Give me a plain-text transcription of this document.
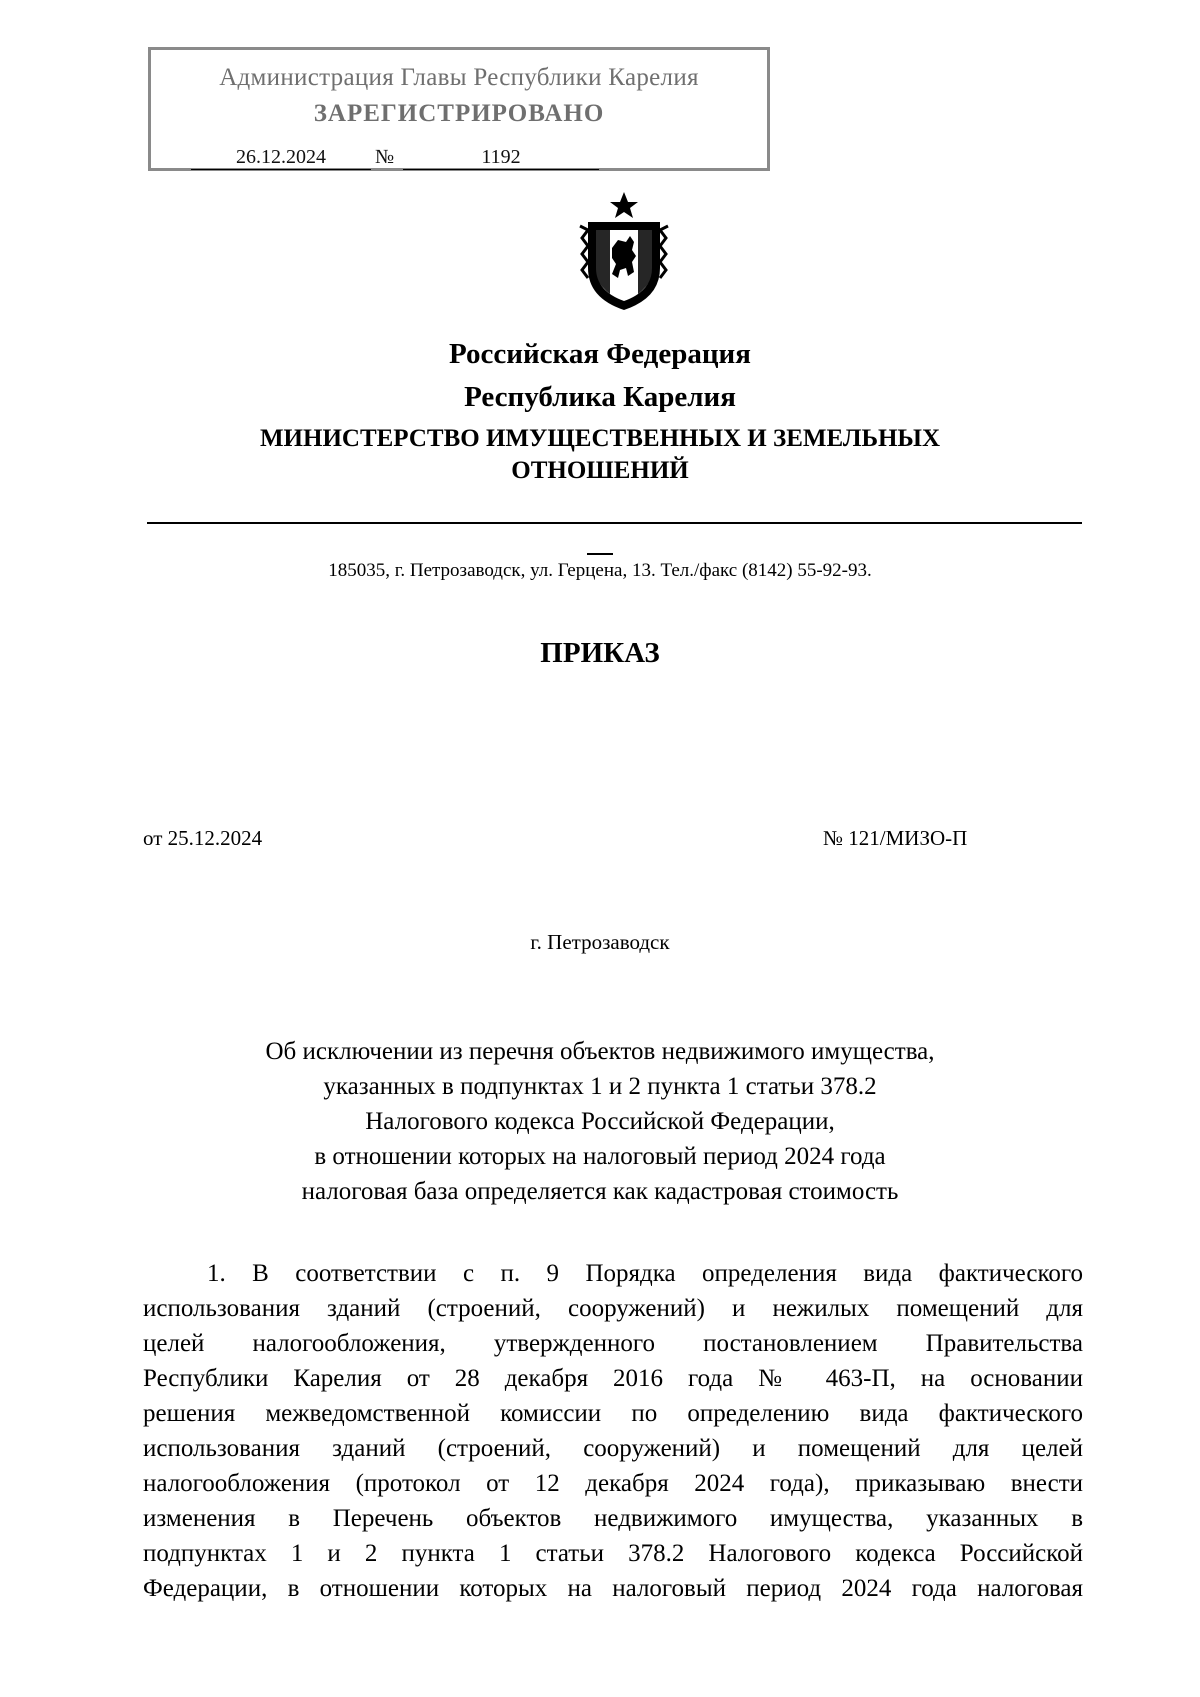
Администрация Главы Республики Карелия
ЗАРЕГИСТРИРОВАНО
26.12.2024	№	1192
Российская Федерация
Республика Карелия
МИНИСТЕРСТВО ИМУЩЕСТВЕННЫХ И ЗЕМЕЛЬНЫХ
ОТНОШЕНИЙ
185035, г. Петрозаводск, ул. Герцена, 13. Тел./факс (8142) 55-92-93.
ПРИКАЗ
от 25.12.2024	№ 121/МИЗО-П
г. Петрозаводск
Об исключении из перечня объектов недвижимого имущества,
указанных в подпунктах 1 и 2 пункта 1 статьи 378.2
Налогового кодекса Российской Федерации,
в отношении которых на налоговый период 2024 года
налоговая база определяется как кадастровая стоимость
1. В соответствии с п. 9 Порядка определения вида фактического
использования зданий (строений, сооружений) и нежилых помещений для
целей налогообложения, утвержденного постановлением Правительства
Республики Карелия от 28 декабря 2016 года № 463-П, на основании
решения межведомственной комиссии по определению вида фактического
использования зданий (строений, сооружений) и помещений для целей
налогообложения (протокол от 12 декабря 2024 года), приказываю внести
изменения в Перечень объектов недвижимого имущества, указанных в
подпунктах 1 и 2 пункта 1 статьи 378.2 Налогового кодекса Российской
Федерации, в отношении которых на налоговый период 2024 года налоговая
